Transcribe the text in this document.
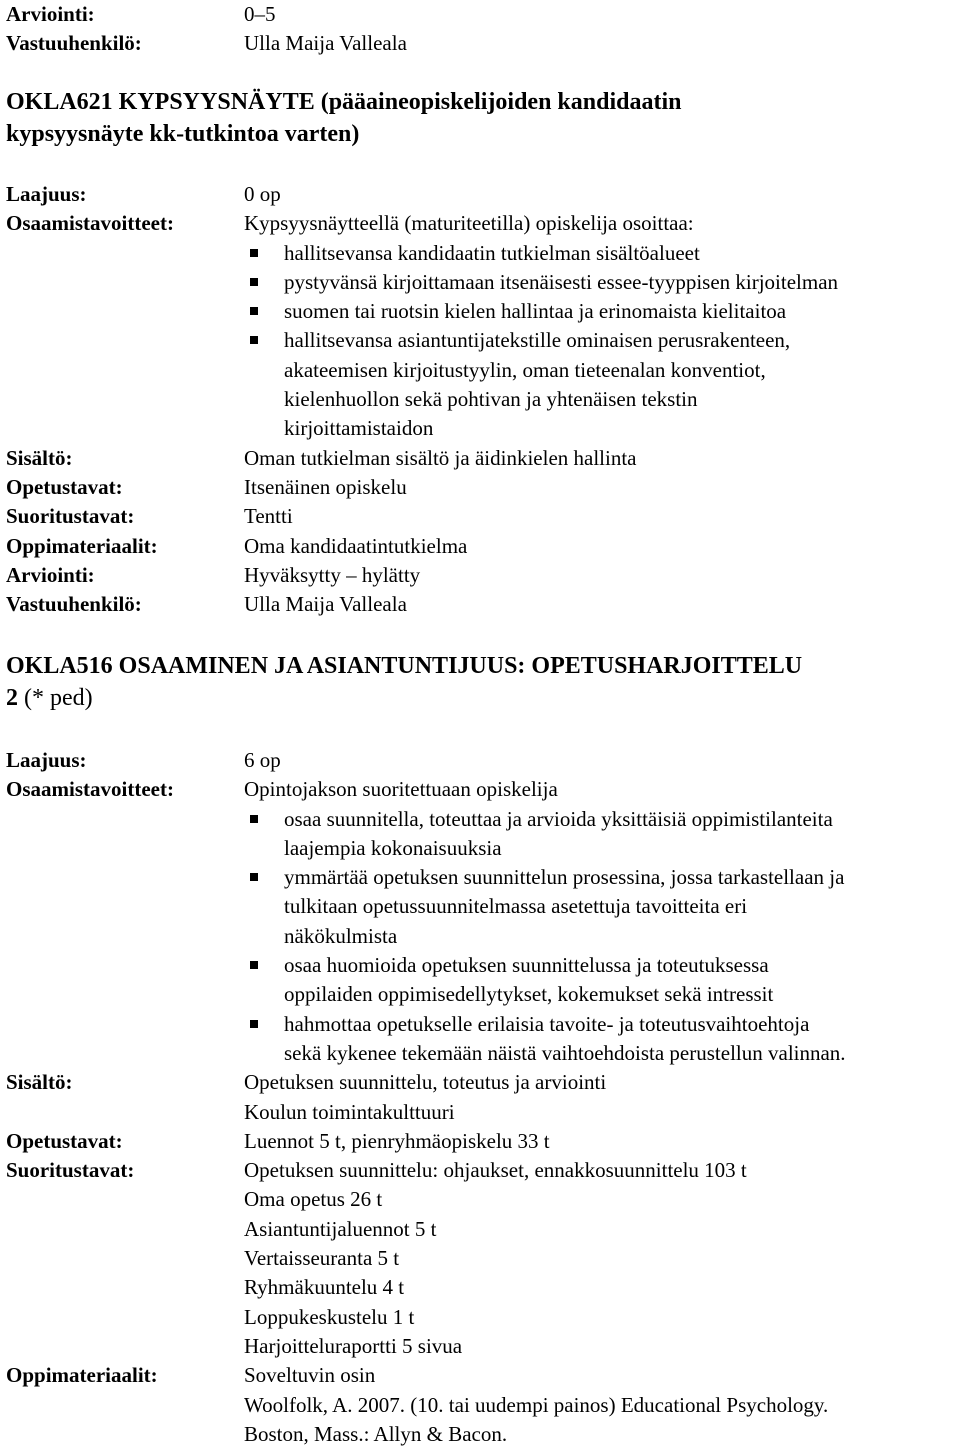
Arviointi:	0–5
Vastuuhenkilö:	Ulla Maija Valleala
OKLA621 KYPSYYSNÄYTE (pääaineopiskelijoiden kandidaatin
kypsyysnäyte kk-tutkintoa varten)
Laajuus:	0 op
Osaamistavoitteet:	Kypsyysnäytteellä (maturiteetilla) opiskelija osoittaa:
hallitsevansa kandidaatin tutkielman sisältöalueet
pystyvänsä kirjoittamaan itsenäisesti essee-tyyppisen kirjoitelman
suomen tai ruotsin kielen hallintaa ja erinomaista kielitaitoa
hallitsevansa asiantuntijatekstille ominaisen perusrakenteen,
akateemisen kirjoitustyylin, oman tieteenalan konventiot,
kielenhuollon sekä pohtivan ja yhtenäisen tekstin
kirjoittamistaidon
Sisältö:	Oman tutkielman sisältö ja äidinkielen hallinta
Opetustavat:	Itsenäinen opiskelu
Suoritustavat:	Tentti
Oppimateriaalit:	Oma kandidaatintutkielma
Arviointi:	Hyväksytty – hylätty
Vastuuhenkilö:	Ulla Maija Valleala
OKLA516 OSAAMINEN JA ASIANTUNTIJUUS: OPETUSHARJOITTELU
2 (* ped)
Laajuus:	6 op
Osaamistavoitteet:	Opintojakson suoritettuaan opiskelija
osaa suunnitella, toteuttaa ja arvioida yksittäisiä oppimistilanteita
laajempia kokonaisuuksia
ymmärtää opetuksen suunnittelun prosessina, jossa tarkastellaan ja
tulkitaan opetussuunnitelmassa asetettuja tavoitteita eri
näkökulmista
osaa huomioida opetuksen suunnittelussa ja toteutuksessa
oppilaiden oppimisedellytykset, kokemukset sekä intressit
hahmottaa opetukselle erilaisia tavoite- ja toteutusvaihtoehtoja
sekä kykenee tekemään näistä vaihtoehdoista perustellun valinnan.
Sisältö:	Opetuksen suunnittelu, toteutus ja arviointi
Koulun toimintakulttuuri
Opetustavat:	Luennot 5 t, pienryhmäopiskelu 33 t
Suoritustavat:	Opetuksen suunnittelu: ohjaukset, ennakkosuunnittelu 103 t
Oma opetus 26 t
Asiantuntijaluennot 5 t
Vertaisseuranta 5 t
Ryhmäkuuntelu 4 t
Loppukeskustelu 1 t
Harjoitteluraportti 5 sivua
Oppimateriaalit:	Soveltuvin osin
Woolfolk, A. 2007. (10. tai uudempi painos) Educational Psychology.
Boston, Mass.: Allyn & Bacon.
